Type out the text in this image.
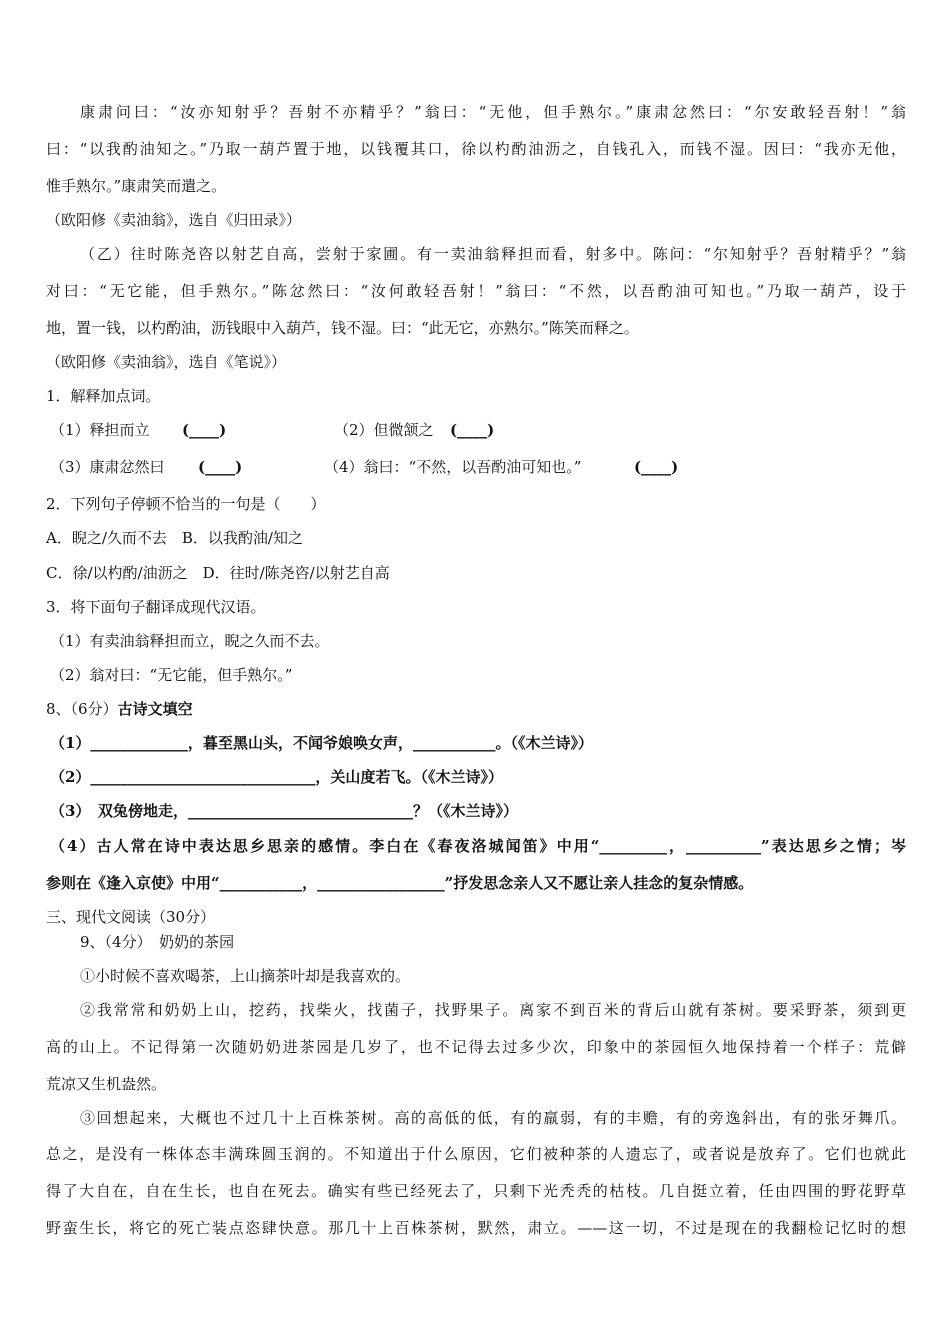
康肃问曰：“汝亦知射乎？吾射不亦精乎？”翁曰：“无他，但手熟尔。”康肃忿然曰：“尔安敢轻吾射！”翁

曰：“以我酌油知之。”乃取一葫芦置于地，以钱覆其口，徐以杓酌油沥之，自钱孔入，而钱不湿。因曰：“我亦无他，

惟手熟尔。”康肃笑而遣之。

（欧阳修《卖油翁》，选自《归田录》）

（乙）往时陈尧咨以射艺自高，尝射于家圃。有一卖油翁释担而看，射多中。陈问：“尔知射乎？吾射精乎？”翁

对曰：“无它能，但手熟尔。”陈忿然曰：“汝何敢轻吾射！”翁曰：“不然，以吾酌油可知也。”乃取一葫芦，设于

地，置一钱，以杓酌油，沥钱眼中入葫芦，钱不湿。曰：“此无它，亦熟尔。”陈笑而释之。

（欧阳修《卖油翁》，选自《笔说》）

1．解释加点词。

（1）释担而立 (____)	（2）但微颔之 (____)

（3）康肃忿然曰 (____)	（4）翁曰：“不然，以吾酌油可知也。”	(____)

2．下列句子停顿不恰当的一句是（　　）

A．睨之/久而不去　B．以我酌油/知之

C．徐/以杓酌/油沥之　D．往时/陈尧咨/以射艺自高

3．将下面句子翻译成现代汉语。

（1）有卖油翁释担而立，睨之久而不去。

（2）翁对曰：“无它能，但手熟尔。”

8、（6分）古诗文填空

（1）_____________，暮至黑山头，不闻爷娘唤女声，___________。（《木兰诗》）

（2）______________________________，关山度若飞。（《木兰诗》）

（3）　双兔傍地走，______________________________？（《木兰诗》）

（4）古人常在诗中表达思乡思亲的感情。李白在《春夜洛城闻笛》中用“_________，__________”表达思乡之情；岑

参则在《逢入京使》中用“___________，_________________”抒发思念亲人又不愿让亲人挂念的复杂情感。

三、现代文阅读（30分）

9、（4分）　奶奶的茶园

①小时候不喜欢喝茶，上山摘茶叶却是我喜欢的。

②我常常和奶奶上山，挖药，找柴火，找菌子，找野果子。离家不到百米的背后山就有茶树。要采野茶，须到更

高的山上。不记得第一次随奶奶进茶园是几岁了，也不记得去过多少次，印象中的茶园恒久地保持着一个样子：荒僻

荒凉又生机盎然。

③回想起来，大概也不过几十上百株茶树。高的高低的低，有的羸弱，有的丰赡，有的旁逸斜出，有的张牙舞爪。

总之，是没有一株体态丰满珠圆玉润的。不知道出于什么原因，它们被种茶的人遗忘了，或者说是放弃了。它们也就此

得了大自在，自在生长，也自在死去。确实有些已经死去了，只剩下光秃秃的枯枝。几自挺立着，任由四围的野花野草

野蛮生长，将它的死亡装点恣肆快意。那几十上百株茶树，默然，肃立。——这一切，不过是现在的我翻检记忆时的想
